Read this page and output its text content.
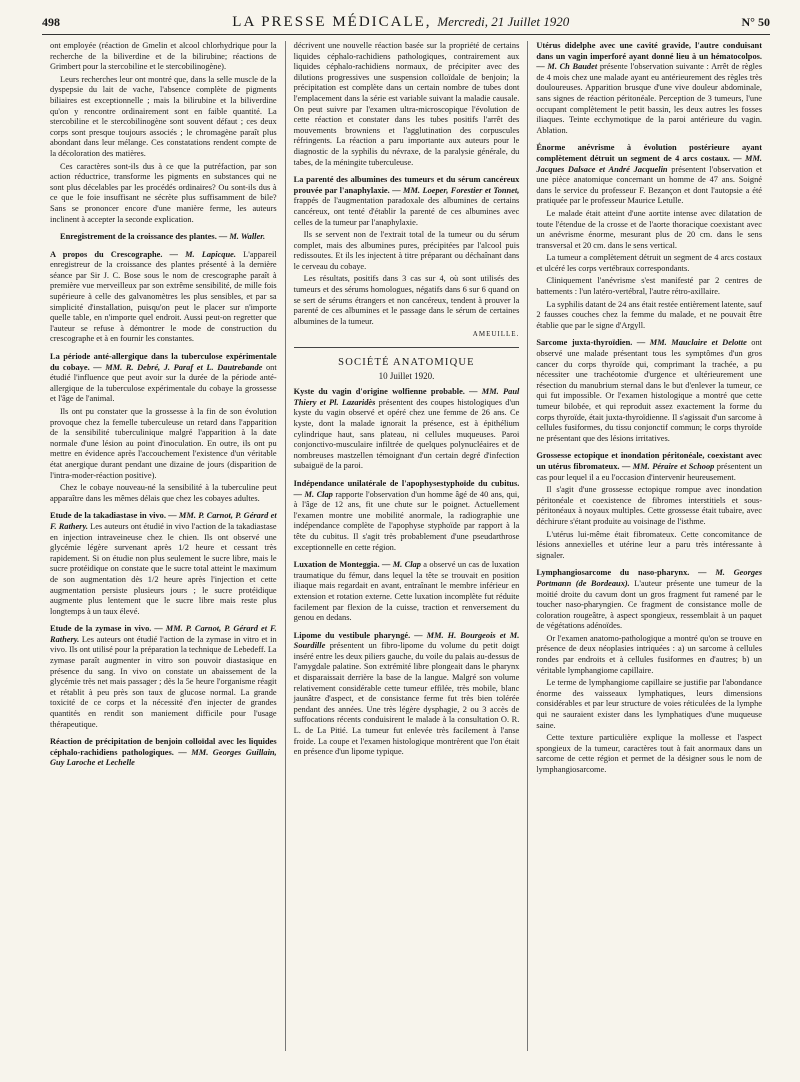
498	LA PRESSE MÉDICALE, Mercredi, 21 Juillet 1920	N° 50

ont employée (réaction de Gmelin et alcool chlorhydrique pour la recherche de la biliverdine et de la bilirubine; réactions de Grimbert pour la stercobiline et le stercobilinogène).

Leurs recherches leur ont montré que, dans la selle muscle de la dyspepsie du lait de vache, l'absence complète de pigments biliaires est exceptionnelle ; mais la bilirubine et la biliverdine qu'on y rencontre ordinairement sont en faible quantité. La stercobiline et le stercobilinogène sont souvent défaut ; ces deux corps sont presque toujours associés ; le chromagène paraît plus abondant dans leur mélange. Ces constatations rendent compte de la décoloration des matières.

Ces caractères sont-ils dus à ce que la putréfaction, par son action réductrice, transforme les pigments en substances qui ne sont plus décelables par les procédés ordinaires? Ou sont-ils dus à ce que le foie insuffisant ne sécrète plus suffisamment de bile? Sans se prononcer encore d'une manière ferme, les auteurs inclinent à accepter la seconde explication.

Enregistrement de la croissance des plantes. — M. Waller.

A propos du Crescographe. — M. Lapicque. L'appareil enregistreur de la croissance des plantes présenté à la dernière séance par Sir J. C. Bose sous le nom de crescographe paraît à première vue merveilleux par son extrême sensibilité, de mille fois supérieure à celle des galvanomètres les plus sensibles, et par sa simplicité d'installation, puisqu'on peut le placer sur n'importe quelle table, en n'importe quel endroit. Aussi peut-on regretter que l'auteur se refuse à démontrer le mode de construction du crescographe et à en fournir les constantes.

La période anté-allergique dans la tuberculose expérimentale du cobaye. — MM. R. Debré, J. Paraf et L. Dautrebande ont étudié l'influence que peut avoir sur la durée de la période anté-allergique de la tuberculose expérimentale du cobaye la grossesse et l'âge de l'animal.

Ils ont pu constater que la grossesse à la fin de son évolution provoque chez la femelle tuberculeuse un retard dans l'apparition de la sensibilité tuberculinique malgré l'apparition à la date normale d'une lésion au point d'inoculation. En outre, ils ont pu mettre en évidence après l'accouchement l'existence d'un véritable état anergique durant pendant une dizaine de jours (disparition de l'intra-moder-réaction positive).

Chez le cobaye nouveau-né la sensibilité à la tuberculine peut apparaître dans les mêmes délais que chez les cobayes adultes.

Etude de la takadiastase in vivo. — MM. P. Carnot, P. Gérard et F. Rathery. Les auteurs ont étudié in vivo l'action de la takadiastase en injection intraveineuse chez le chien. Ils ont observé une glycémie légère survenant après 1/2 heure et cessant très rapidement. Si on étudie non plus seulement le sucre libre, mais le sucre protéidique on constate que le sucre total atteint le maximum de son augmentation dès 1/2 heure après l'injection et cette augmentation persiste plusieurs jours ; le sucre protéidique augmente plus lentement que le sucre libre mais reste plus longtemps à un taux élevé.

Etude de la zymase in vivo. — MM. P. Carnot, P. Gérard et F. Rathery. Les auteurs ont étudié l'action de la zymase in vitro et in vivo. Ils ont utilisé pour la préparation la technique de Lebedeff. La zymase paraît augmenter in vitro son pouvoir diastasique en présence du sang. In vivo on constate un abaissement de la glycémie très net mais passager ; dès la 5e heure l'organisme réagit et rétablit à peu près son taux de glucose normal. La grande toxicité de ce corps et la nécessité d'en injecter de grandes quantités en rendit son maniement difficile pour l'usage thérapeutique.

Réaction de précipitation de benjoin colloïdal avec les liquides céphalo-rachidiens pathologiques. — MM. Georges Guillain, Guy Laroche et Lechelle

décrivent une nouvelle réaction basée sur la propriété de certains liquides céphalo-rachidiens pathologiques, contrairement aux liquides céphalo-rachidiens normaux, de précipiter avec des dilutions progressives une suspension colloïdale de benjoin; la précipitation est complète dans un certain nombre de tubes dont l'emplacement dans la série est variable suivant la maladie causale. On peut suivre par l'examen ultra-microscopique l'évolution de cette réaction et constater dans les tubes positifs l'arrêt des mouvements browniens et l'agglutination des corpuscules réfringents. La réaction a paru importante aux auteurs pour le diagnostic de la syphilis du névraxe, de la paralysie générale, du tabes, de la méningite tuberculeuse.

La parenté des albumines des tumeurs et du sérum cancéreux prouvée par l'anaphylaxie. — MM. Loeper, Forestier et Tonnet, frappés de l'augmentation paradoxale des albumines de certains cancéreux, ont tenté d'établir la parenté de ces albumines avec celles de la tumeur par l'anaphylaxie.

Ils se servent non de l'extrait total de la tumeur ou du sérum complet, mais des albumines pures, précipitées par l'alcool puis redissoutes. Et ils les injectent à titre préparant ou déchaînant dans le cerveau du cobaye.

Les résultats, positifs dans 3 cas sur 4, où sont utilisés des tumeurs et des sérums homologues, négatifs dans 6 sur 6 quand on se sert de sérums étrangers et non cancéreux, tendent à prouver la parenté de ces albumines et le passage dans le sérum de certaines albumines de la tumeur.

AMEUILLE.
SOCIÉTÉ ANATOMIQUE
10 Juillet 1920.

Kyste du vagin d'origine wolfienne probable. — MM. Paul Thiery et Pl. Lazaridès présentent des coupes histologiques d'un kyste du vagin observé et opéré chez une femme de 26 ans. Ce kyste, dont la malade ignorait la présence, est à épithélium cylindrique haut, sans plateau, ni cellules muqueuses. Paroi conjonctivo-musculaire infiltrée de quelques polynucléaires et de nombreuses mastzellen témoignant d'un certain degré d'infection subaiguë de la paroi.

Indépendance unilatérale de l'apophysestyphoïde du cubitus. — M. Clap rapporte l'observation d'un homme âgé de 40 ans, qui, à l'âge de 12 ans, fit une chute sur le poignet. Actuellement l'examen montre une mobilité anormale, la radiographie une indépendance complète de l'apophyse styphoïde par rapport à la tête du cubitus. Il s'agit très probablement d'une pseudarthrose exceptionnelle en cette région.

Luxation de Monteggia. — M. Clap a observé un cas de luxation traumatique du fémur, dans lequel la tête se trouvait en position iliaque mais regardait en avant, entraînant le membre inférieur en extension et rotation externe. Cette luxation incomplète fut réduite facilement par flexion de la cuisse, traction et renversement du genou en dedans.

Lipome du vestibule pharyngé. — MM. H. Bourgeois et M. Sourdille présentent un fibro-lipome du volume du petit doigt inséré entre les deux piliers gauche, du voile du palais au-dessus de l'amygdale palatine. Son extrémité libre plongeait dans le pharynx et disparaissait derrière la base de la langue. Malgré son volume relativement considérable cette tumeur effilée, très mobile, blanc jaunâtre d'aspect, et de consistance ferme fut très bien tolérée pendant des années. Une très légère dysphagie, 2 ou 3 accès de suffocations récents conduisirent le malade à la consultation O. R. L. de La Pitié. La tumeur fut enlevée très facilement à l'anse froide. La coupe et l'examen histologique montrèrent que l'on était en présence d'un lipome typique.

Utérus didelphe avec une cavité gravide, l'autre conduisant dans un vagin imperforé ayant donné lieu à un hématocolpos. — M. Ch Baudet présente l'observation suivante : Arrêt de règles de 4 mois chez une malade ayant eu antérieurement des règles très douloureuses. Apparition brusque d'une vive douleur abdominale, sans signes de réaction péritonéale. Perception de 3 tumeurs, l'une occupant complètement le petit bassin, les deux autres les fosses iliaques. Teinte ecchymotique de la paroi antérieure du vagin. Ablation.

Énorme anévrisme à évolution postérieure ayant complètement détruit un segment de 4 arcs costaux. — MM. Jacques Dalsace et André Jacquelin présentent l'observation et une pièce anatomique concernant un homme de 47 ans. Soigné dans le service du professeur F. Bezançon et dont l'autopsie a été pratiquée par le professeur Maurice Letulle.

Le malade était atteint d'une aortite intense avec dilatation de toute l'étendue de la crosse et de l'aorte thoracique coexistant avec un anévrisme énorme, mesurant plus de 20 cm. dans le sens transversal et 20 cm. dans le sens vertical.

La tumeur a complètement détruit un segment de 4 arcs costaux et ulcéré les corps vertébraux correspondants.

Cliniquement l'anévrisme s'est manifesté par 2 centres de battements : l'un latéro-vertébral, l'autre rétro-axillaire.

La syphilis datant de 24 ans était restée entièrement latente, sauf 2 fausses couches chez la femme du malade, et ne pouvait être établie que par le signe d'Argyll.

Sarcome juxta-thyroïdien. — MM. Mauclaire et Delotte ont observé une malade présentant tous les symptômes d'un gros cancer du corps thyroïde qui, comprimant la trachée, a pu nécessiter une trachéotomie d'urgence et ultérieurement une résection du manubrium sternal dans le but d'enlever la tumeur, ce qui fut impossible. Or l'examen histologique a montré que cette tumeur bilobée, et qui reproduit assez exactement la forme du corps thyroïde, était juxta-thyroïdienne. Il s'agissait d'un sarcome à cellules fusiformes, du tissu conjonctif commun; le corps thyroïde ne présentant que des lésions irritatives.

Grossesse ectopique et inondation péritonéale, coexistant avec un utérus fibromateux. — MM. Péraire et Schoop présentent un cas pour lequel il a eu l'occasion d'intervenir heureusement.

Il s'agit d'une grossesse ectopique rompue avec inondation péritonéale et coexistence de fibromes interstitiels et sous-péritonéaux à noyaux multiples. Cette grossesse était tubaire, avec déchirure s'étant produite au voisinage de l'isthme.

L'utérus lui-même était fibromateux. Cette concomitance de lésions annexielles et utérine leur a paru très intéressante à signaler.

Lymphangiosarcome du naso-pharynx. — M. Georges Portmann (de Bordeaux). L'auteur présente une tumeur de la moitié droite du cavum dont un gros fragment fut ramené par le toucher naso-pharyngien. Ce fragment de consistance molle de coloration rougeâtre, à aspect spongieux, ressemblait à un paquet de végétations adénoïdes.

Or l'examen anatomo-pathologique a montré qu'on se trouve en présence de deux néoplasies intriquées : a) un sarcome à cellules rondes par endroits et à cellules fusiformes en d'autres; b) un véritable lymphangiome capillaire.

Le terme de lymphangiome capillaire se justifie par l'abondance énorme des vaisseaux lymphatiques, leurs dimensions considérables et par leur structure de voies réticulées de la lymphe qui ne sauraient exister dans les lymphatiques d'une muqueuse saine.

Cette texture particulière explique la mollesse et l'aspect spongieux de la tumeur, caractères tout à fait anormaux dans un sarcome de cette région et permet de la désigner sous le nom de lymphangiosarcome.
